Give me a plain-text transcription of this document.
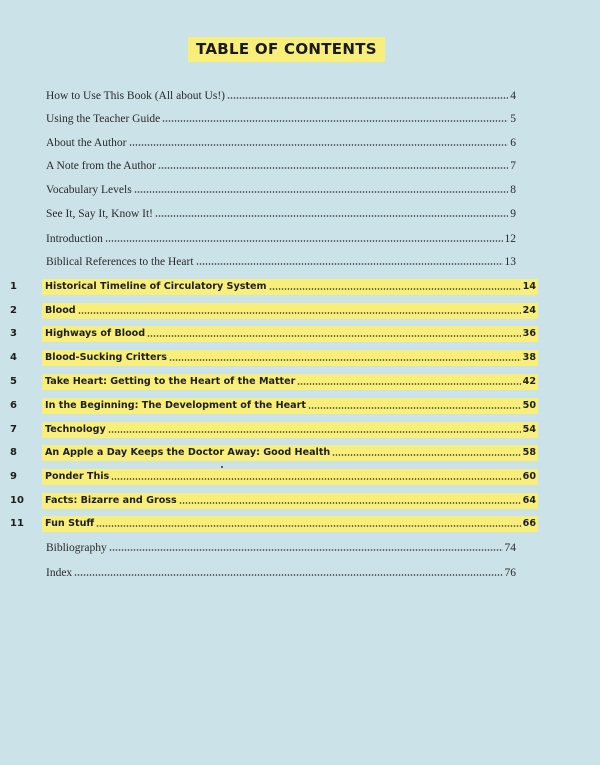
TABLE OF CONTENTS
How to Use This Book (All about Us!)	4
Using the Teacher Guide	5
About the Author	6
A Note from the Author	7
Vocabulary Levels	8
See It, Say It, Know It!	9
Introduction	12
Biblical References to the Heart	13
1	Historical Timeline of Circulatory System	14
2	Blood	24
3	Highways of Blood	36
4	Blood-Sucking Critters	38
5	Take Heart: Getting to the Heart of the Matter	42
6	In the Beginning: The Development of the Heart	50
7	Technology	54
8	An Apple a Day Keeps the Doctor Away: Good Health	58
9	Ponder This	60
10	Facts: Bizarre and Gross	64
11	Fun Stuff	66
Bibliography	74
Index	76
